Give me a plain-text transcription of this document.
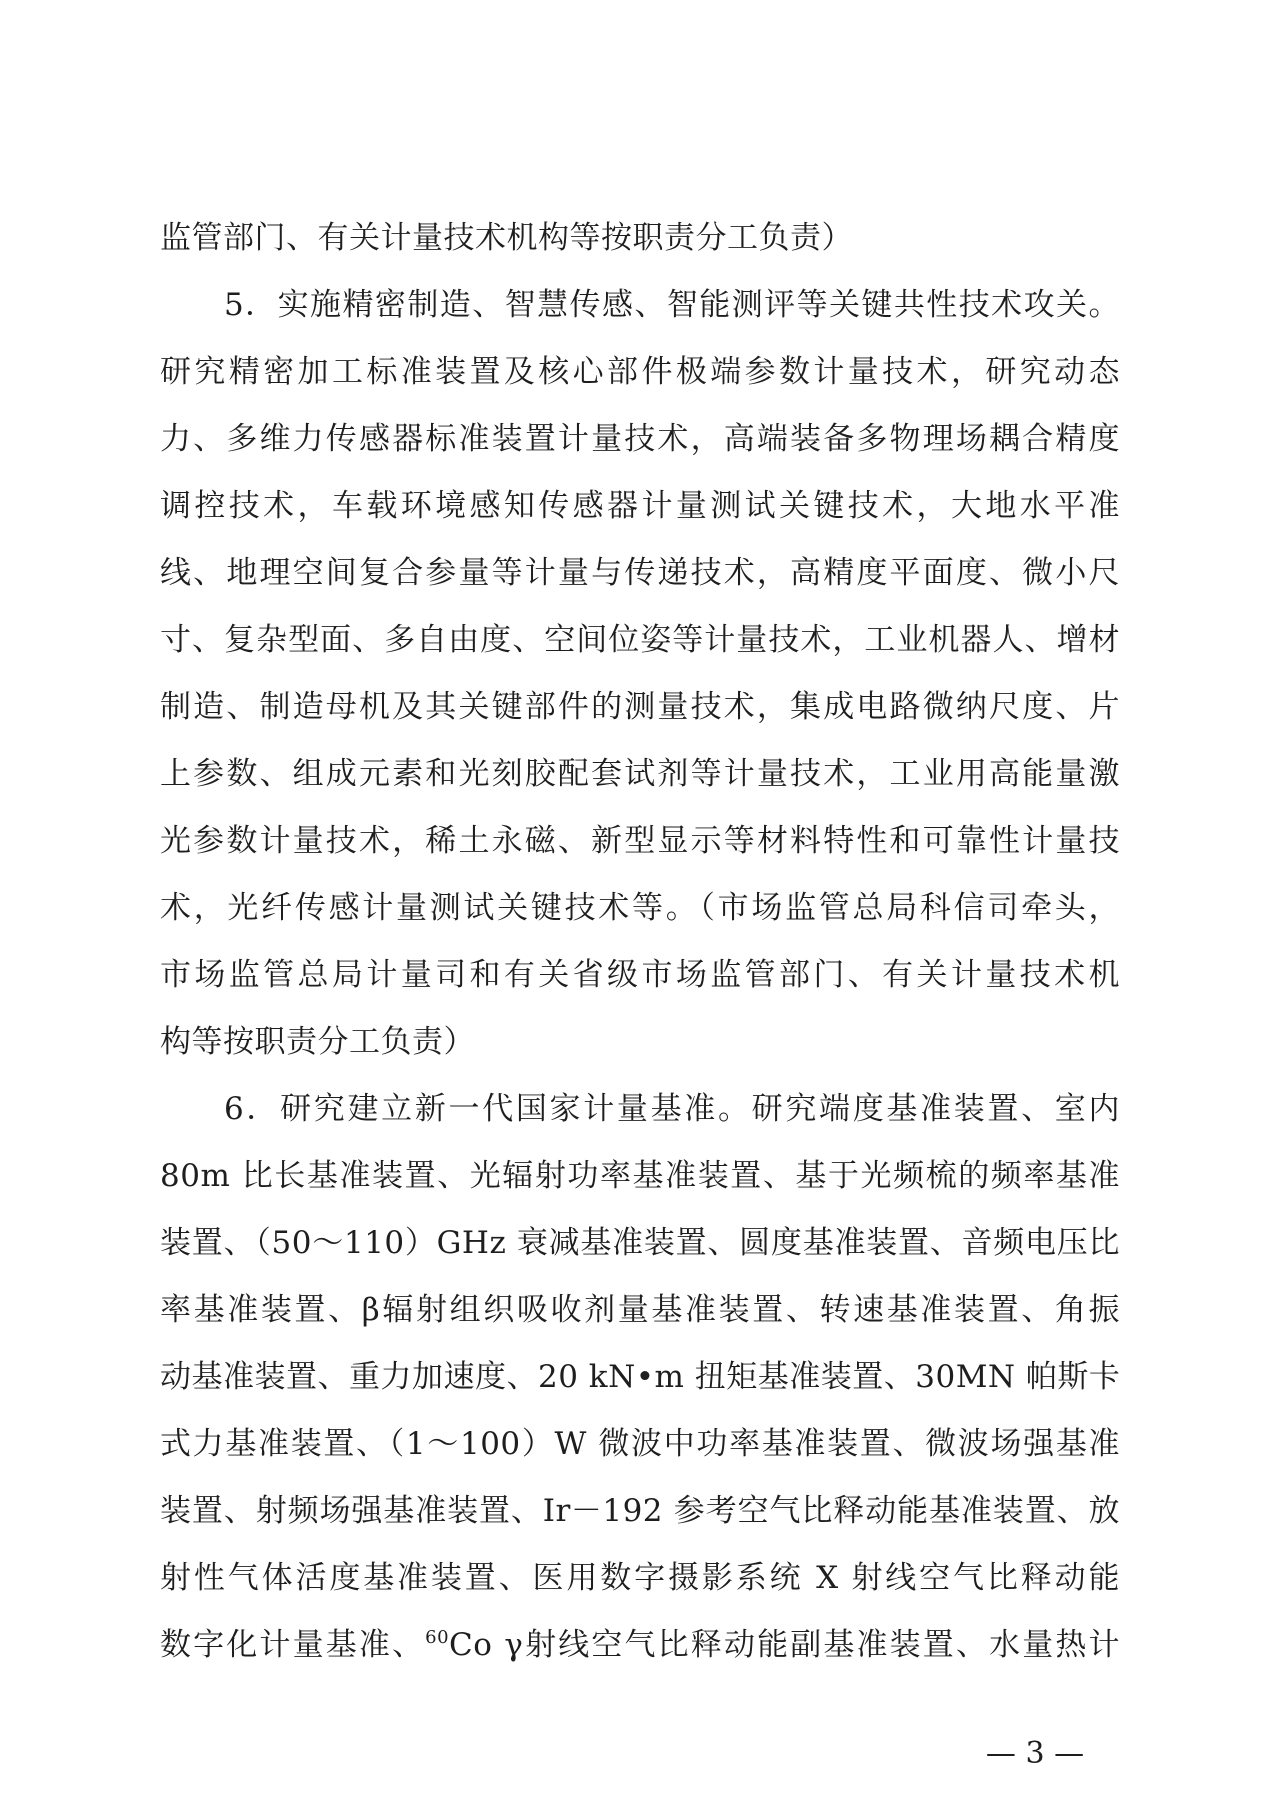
监管部门、有关计量技术机构等按职责分工负责）
5．实施精密制造、智慧传感、智能测评等关键共性技术攻关。
研究精密加工标准装置及核心部件极端参数计量技术，研究动态
力、多维力传感器标准装置计量技术，高端装备多物理场耦合精度
调控技术，车载环境感知传感器计量测试关键技术，大地水平准
线、地理空间复合参量等计量与传递技术，高精度平面度、微小尺
寸、复杂型面、多自由度、空间位姿等计量技术，工业机器人、增材
制造、制造母机及其关键部件的测量技术，集成电路微纳尺度、片
上参数、组成元素和光刻胶配套试剂等计量技术，工业用高能量激
光参数计量技术，稀土永磁、新型显示等材料特性和可靠性计量技
术，光纤传感计量测试关键技术等。（市场监管总局科信司牵头，
市场监管总局计量司和有关省级市场监管部门、有关计量技术机
构等按职责分工负责）
6．研究建立新一代国家计量基准。研究端度基准装置、室内
80m 比长基准装置、光辐射功率基准装置、基于光频梳的频率基准
装置、（50～110）GHz 衰减基准装置、圆度基准装置、音频电压比
率基准装置、β辐射组织吸收剂量基准装置、转速基准装置、角振
动基准装置、重力加速度、20 kN•m 扭矩基准装置、30MN 帕斯卡
式力基准装置、（1～100）W 微波中功率基准装置、微波场强基准
装置、射频场强基准装置、Ir－192 参考空气比释动能基准装置、放
射性气体活度基准装置、医用数字摄影系统 X 射线空气比释动能
数字化计量基准、$^{60}$Co γ射线空气比释动能副基准装置、水量热计
— 3 —
